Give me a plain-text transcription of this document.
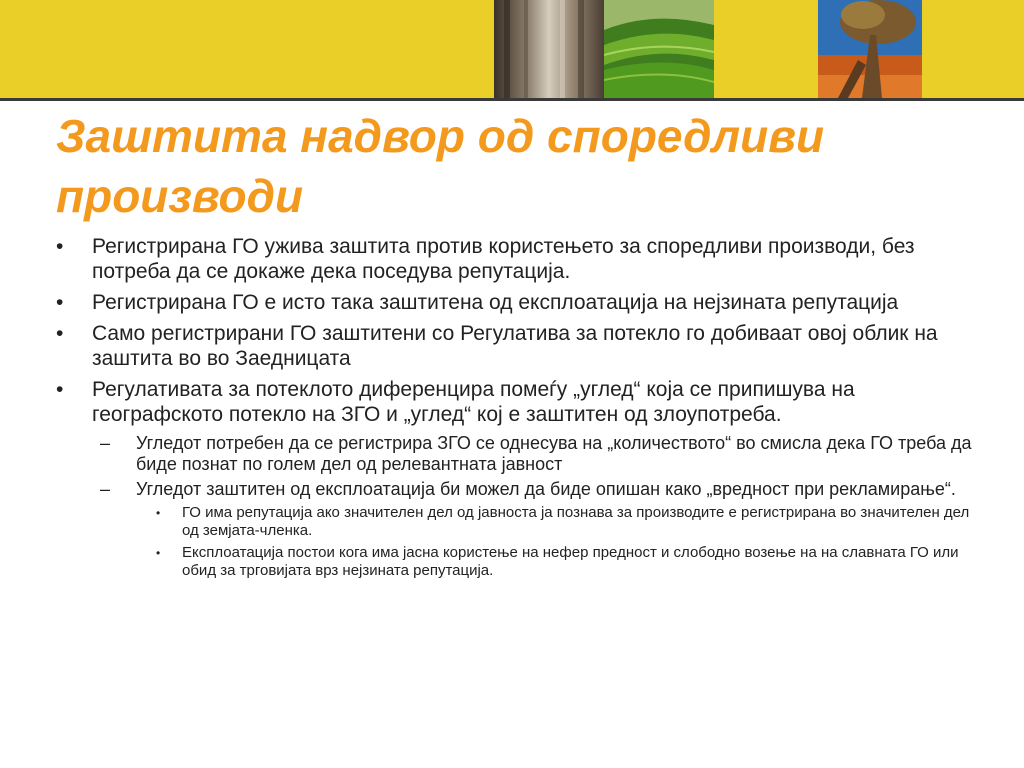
Заштита надвор од споредливи производи
• Регистрирана ГО ужива заштита против користењето за споредливи производи, без потреба да се докаже дека поседува репутација.
• Регистрирана ГО е исто така заштитена од експлоатација на нејзината репутација
• Само регистрирани ГО заштитени со Регулатива за потекло го добиваат овој облик на заштита во во Заедницата
• Регулативата за потеклото диференцира помеѓу „углед“ која се припишува на географското потекло на ЗГО и „углед“ кој е заштитен од злоупотреба.
– Угледот потребен да се регистрира ЗГО се однесува на „количеството“ во смисла дека ГО треба да биде познат по голем дел од релевантната јавност
– Угледот заштитен од експлоатација би можел да биде опишан како „вредност при рекламирање“.
• ГО има репутација ако значителен дел од јавноста ја познава за производите е регистрирана во значителен дел од земјата-членка.
• Експлоатација постои кога има јасна користење на нефер предност и слободно возење на на славната ГО или обид за трговијата врз нејзината репутација.
